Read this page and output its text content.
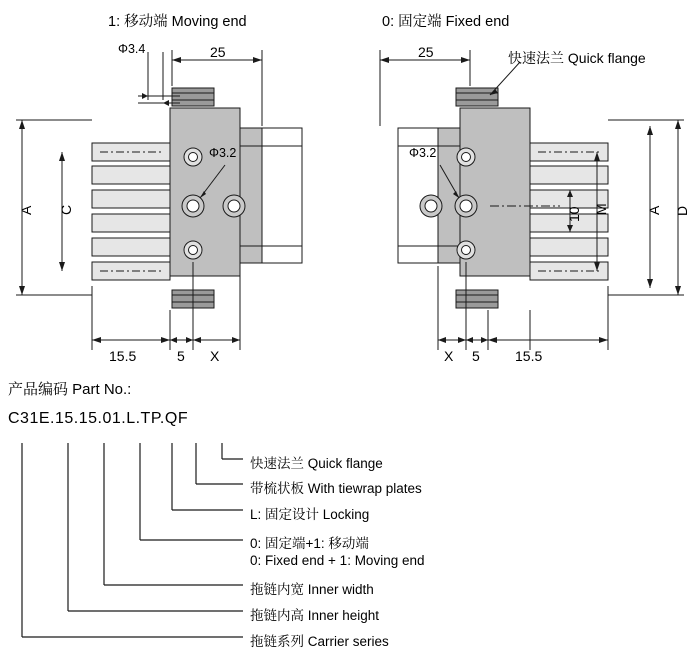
1: 移动端 Moving end	0: 固定端 Fixed end
Φ3.4	25	25	快速法兰 Quick flange
Φ3.2	Φ3.2
A C	M
10	A D
15.5	5 X	X 5	15.5
产品编码 Part No.:
C31E.15.15.01.L.TP.QF
快速法兰 Quick flange
带梳状板 With tiewrap plates
L: 固定设计 Locking
0: 固定端+1: 移动端
0: Fixed end + 1: Moving end
拖链内宽 Inner width
拖链内高 Inner height
拖链系列 Carrier series
